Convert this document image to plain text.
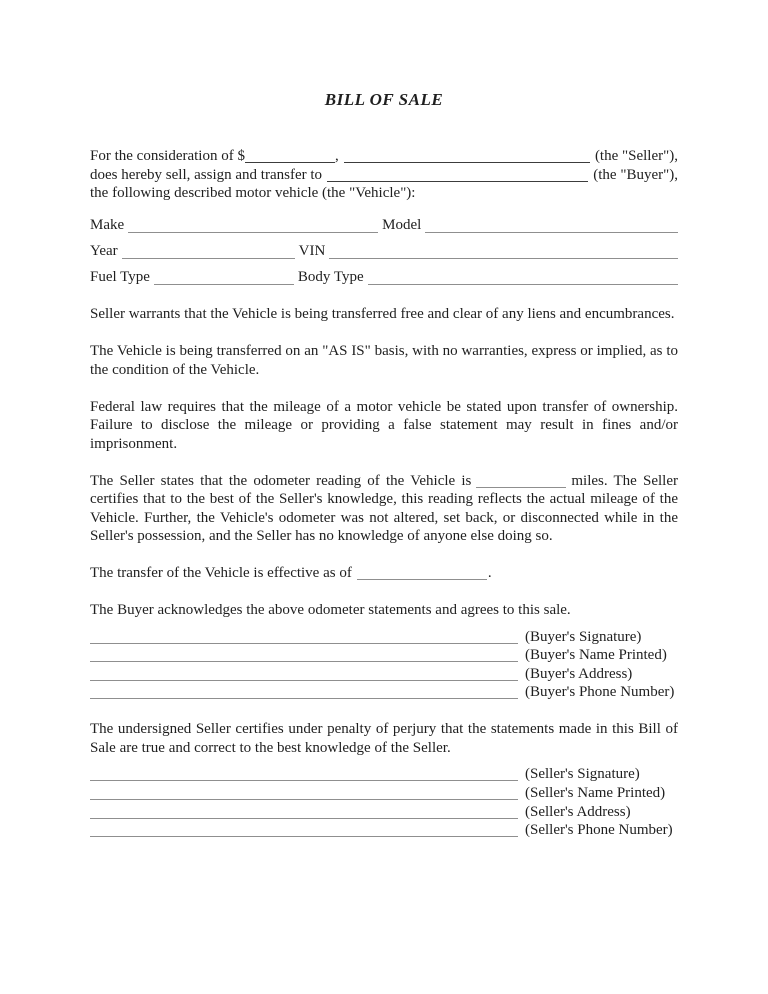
BILL OF SALE
For the consideration of $	,	(the "Seller"),
does hereby sell, assign and transfer to	(the "Buyer"),
the following described motor vehicle (the "Vehicle"):
Make	Model
Year	VIN
Fuel Type	Body Type

Seller warrants that the Vehicle is being transferred free and clear of any liens and encumbrances.

The Vehicle is being transferred on an "AS IS" basis, with no warranties, express or implied, as to the condition of the Vehicle.

Federal law requires that the mileage of a motor vehicle be stated upon transfer of ownership. Failure to disclose the mileage or providing a false statement may result in fines and/or imprisonment.

The Seller states that the odometer reading of the Vehicle is	miles. The Seller certifies that to the best of the Seller's knowledge, this reading reflects the actual mileage of the Vehicle. Further, the Vehicle's odometer was not altered, set back, or disconnected while in the Seller's possession, and the Seller has no knowledge of anyone else doing so.

The transfer of the Vehicle is effective as of	.

The Buyer acknowledges the above odometer statements and agrees to this sale.

(Buyer's Signature)
(Buyer's Name Printed)
(Buyer's Address)
(Buyer's Phone Number)

The undersigned Seller certifies under penalty of perjury that the statements made in this Bill of Sale are true and correct to the best knowledge of the Seller.

(Seller's Signature)
(Seller's Name Printed)
(Seller's Address)
(Seller's Phone Number)
